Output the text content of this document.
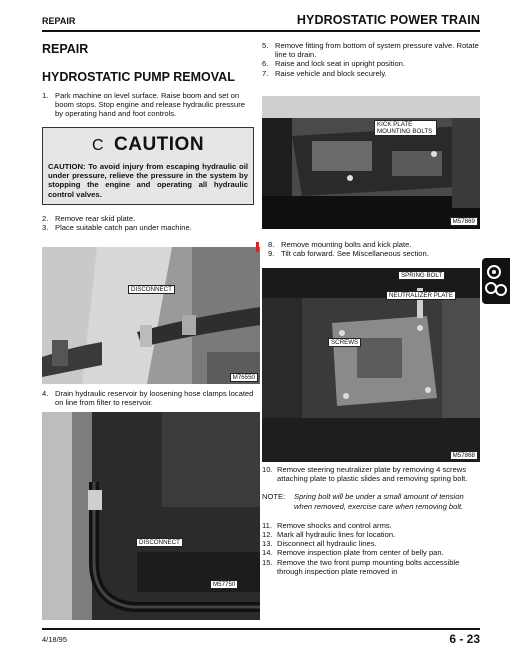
REPAIR	HYDROSTATIC POWER TRAIN
REPAIR
HYDROSTATIC PUMP REMOVAL
1. Park machine on level surface. Raise boom and set on boom stops. Stop engine and release hydraulic pressure by operating hand and foot controls.
C CAUTION
CAUTION: To avoid injury from escaping hydraulic oil under pressure, relieve the pressure in the system by stopping the engine and operating all hydraulic control valves.
2. Remove rear skid plate.
3. Place suitable catch pan under machine.
DISCONNECT
M76550
4. Drain hydraulic reservoir by loosening hose clamps located on line from filter to reservoir.
DISCONNECT
M57750
5. Remove fitting from bottom of system pressure valve. Rotate line to drain.
6. Raise and lock seat in upright position.
7. Raise vehicle and block securely.
KICK PLATE MOUNTING BOLTS
M57869
8. Remove mounting bolts and kick plate.
9. Tilt cab forward. See Miscellaneous section.
SPRING BOLT
NEUTRALIZER PLATE
SCREWS
M57868
10. Remove steering neutralizer plate by removing 4 screws attaching plate to plastic slides and removing spring bolt.
NOTE: Spring bolt will be under a small amount of tension when removed, exercise care when removing bolt.
11. Remove shocks and control arms.
12. Mark all hydraulic lines for location.
13. Disconnect all hydraulic lines.
14. Remove inspection plate from center of belly pan.
15. Remove the two front pump mounting bolts accessible through inspection plate removed in
4/18/95	6 - 23
